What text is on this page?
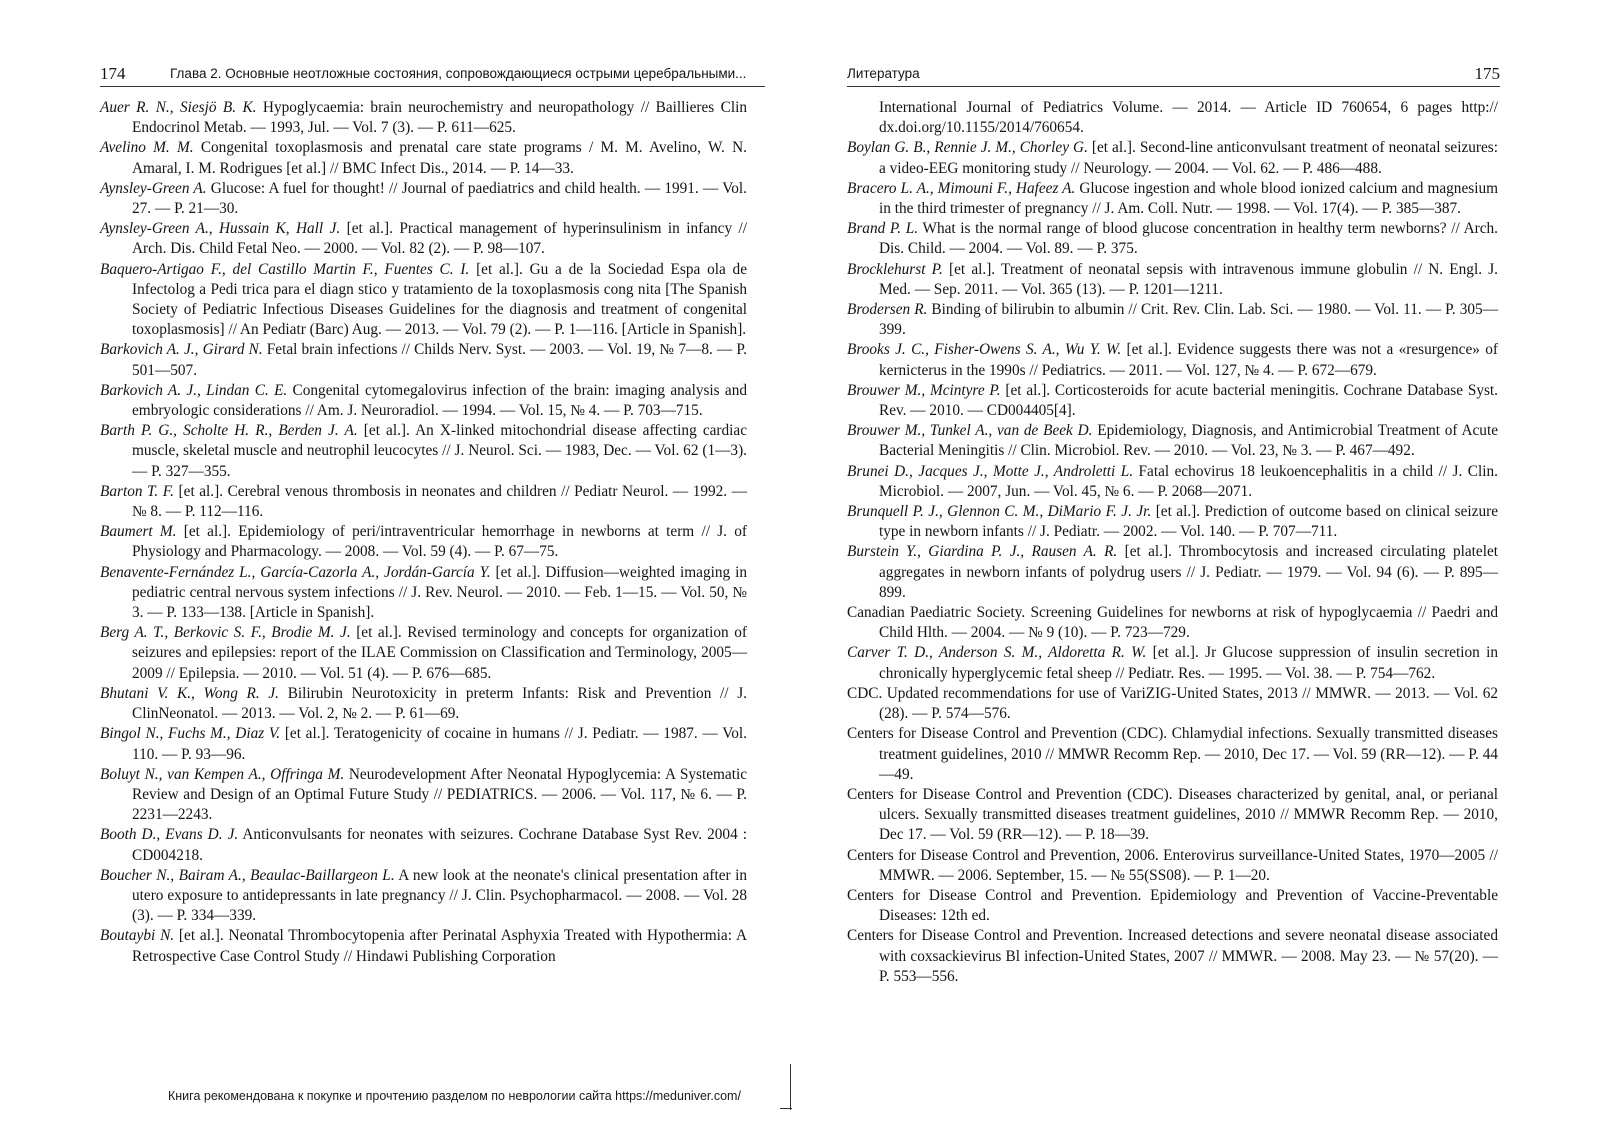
174	Глава 2. Основные неотложные состояния, сопровождающиеся острыми церебральными...

Auer R. N., Siesjö B. K. Hypoglycaemia: brain neurochemistry and neuropathology // Baillieres Clin Endocrinol Metab. — 1993, Jul. — Vol. 7 (3). — P. 611—625.

Avelino M. M. Congenital toxoplasmosis and prenatal care state programs / M. M. Avelino, W. N. Amaral, I. M. Rodrigues [et al.] // BMC Infect Dis., 2014. — P. 14—33.

Aynsley-Green A. Glucose: A fuel for thought! // Journal of paediatrics and child health. — 1991. — Vol. 27. — P. 21—30.

Aynsley-Green A., Hussain K, Hall J. [et al.]. Practical management of hyperinsulinism in infancy // Arch. Dis. Child Fetal Neo. — 2000. — Vol. 82 (2). — P. 98—107.

Baquero-Artigao F., del Castillo Martin F., Fuentes C. I. [et al.]. Gu a de la Sociedad Espa ola de Infectolog a Pedi trica para el diagn stico y tratamiento de la toxoplasmosis cong nita [The Spanish Society of Pediatric Infectious Diseases Guidelines for the diagnosis and treatment of congenital toxoplasmosis] // An Pediatr (Barc) Aug. — 2013. — Vol. 79 (2). — P. 1—116. [Article in Spanish].

Barkovich A. J., Girard N. Fetal brain infections // Childs Nerv. Syst. — 2003. — Vol. 19, № 7—8. — P. 501—507.

Barkovich A. J., Lindan C. E. Congenital cytomegalovirus infection of the brain: imaging analysis and embryologic considerations // Am. J. Neuroradiol. — 1994. — Vol. 15, № 4. — P. 703—715.

Barth P. G., Scholte H. R., Berden J. A. [et al.]. An X-linked mitochondrial disease affecting cardiac muscle, skeletal muscle and neutrophil leucocytes // J. Neurol. Sci. — 1983, Dec. — Vol. 62 (1—3). — P. 327—355.

Barton T. F. [et al.]. Cerebral venous thrombosis in neonates and children // Pediatr Neurol. — 1992. — № 8. — P. 112—116.

Baumert M. [et al.]. Epidemiology of peri/intraventricular hemorrhage in newborns at term // J. of Physiology and Pharmacology. — 2008. — Vol. 59 (4). — P. 67—75.

Benavente-Fernández L., García-Cazorla A., Jordán-García Y. [et al.]. Diffusion—weighted imaging in pediatric central nervous system infections // J. Rev. Neurol. — 2010. — Feb. 1—15. — Vol. 50, № 3. — P. 133—138. [Article in Spanish].

Berg A. T., Berkovic S. F., Brodie M. J. [et al.]. Revised terminology and concepts for organization of seizures and epilepsies: report of the ILAE Commission on Classification and Terminology, 2005—2009 // Epilepsia. — 2010. — Vol. 51 (4). — P. 676—685.

Bhutani V. K., Wong R. J. Bilirubin Neurotoxicity in preterm Infants: Risk and Prevention // J. ClinNeonatol. — 2013. — Vol. 2, № 2. — P. 61—69.

Bingol N., Fuchs M., Diaz V. [et al.]. Teratogenicity of cocaine in humans // J. Pediatr. — 1987. — Vol. 110. — P. 93—96.

Boluyt N., van Kempen A., Offringa M. Neurodevelopment After Neonatal Hypoglycemia: A Systematic Review and Design of an Optimal Future Study // PEDIATRICS. — 2006. — Vol. 117, № 6. — P. 2231—2243.

Booth D., Evans D. J. Anticonvulsants for neonates with seizures. Cochrane Database Syst Rev. 2004 : CD004218.

Boucher N., Bairam A., Beaulac-Baillargeon L. A new look at the neonate's clinical presentation after in utero exposure to antidepressants in late pregnancy // J. Clin. Psychopharmacol. — 2008. — Vol. 28 (3). — P. 334—339.

Boutaybi N. [et al.]. Neonatal Thrombocytopenia after Perinatal Asphyxia Treated with Hypothermia: A Retrospective Case Control Study // Hindawi Publishing Corporation

Литература	175

International Journal of Pediatrics Volume. — 2014. — Article ID 760654, 6 pages http:// dx.doi.org/10.1155/2014/760654.

Boylan G. B., Rennie J. M., Chorley G. [et al.]. Second-line anticonvulsant treatment of neonatal seizures: a video-EEG monitoring study // Neurology. — 2004. — Vol. 62. — P. 486—488.

Bracero L. A., Mimouni F., Hafeez A. Glucose ingestion and whole blood ionized calcium and magnesium in the third trimester of pregnancy // J. Am. Coll. Nutr. — 1998. — Vol. 17(4). — P. 385—387.

Brand P. L. What is the normal range of blood glucose concentration in healthy term newborns? // Arch. Dis. Child. — 2004. — Vol. 89. — P. 375.

Brocklehurst P. [et al.]. Treatment of neonatal sepsis with intravenous immune globulin // N. Engl. J. Med. — Sep. 2011. — Vol. 365 (13). — P. 1201—1211.

Brodersen R. Binding of bilirubin to albumin // Crit. Rev. Clin. Lab. Sci. — 1980. — Vol. 11. — P. 305—399.

Brooks J. C., Fisher-Owens S. A., Wu Y. W. [et al.]. Evidence suggests there was not a «resurgence» of kernicterus in the 1990s // Pediatrics. — 2011. — Vol. 127, № 4. — P. 672—679.

Brouwer M., Mcintyre P. [et al.]. Corticosteroids for acute bacterial meningitis. Cochrane Database Syst. Rev. — 2010. — CD004405[4].

Brouwer M., Tunkel A., van de Beek D. Epidemiology, Diagnosis, and Antimicrobial Treatment of Acute Bacterial Meningitis // Clin. Microbiol. Rev. — 2010. — Vol. 23, № 3. — P. 467—492.

Brunei D., Jacques J., Motte J., Androletti L. Fatal echovirus 18 leukoencephalitis in a child // J. Clin. Microbiol. — 2007, Jun. — Vol. 45, № 6. — P. 2068—2071.

Brunquell P. J., Glennon C. M., DiMario F. J. Jr. [et al.]. Prediction of outcome based on clinical seizure type in newborn infants // J. Pediatr. — 2002. — Vol. 140. — P. 707—711.

Burstein Y., Giardina P. J., Rausen A. R. [et al.]. Thrombocytosis and increased circulating platelet aggregates in newborn infants of polydrug users // J. Pediatr. — 1979. — Vol. 94 (6). — P. 895—899.

Canadian Paediatric Society. Screening Guidelines for newborns at risk of hypoglycaemia // Paedri and Child Hlth. — 2004. — № 9 (10). — P. 723—729.

Carver T. D., Anderson S. M., Aldoretta R. W. [et al.]. Jr Glucose suppression of insulin secretion in chronically hyperglycemic fetal sheep // Pediatr. Res. — 1995. — Vol. 38. — P. 754—762.

CDC. Updated recommendations for use of VariZIG-United States, 2013 // MMWR. — 2013. — Vol. 62 (28). — P. 574—576.

Centers for Disease Control and Prevention (CDC). Chlamydial infections. Sexually transmitted diseases treatment guidelines, 2010 // MMWR Recomm Rep. — 2010, Dec 17. — Vol. 59 (RR—12). — P. 44—49.

Centers for Disease Control and Prevention (CDC). Diseases characterized by genital, anal, or perianal ulcers. Sexually transmitted diseases treatment guidelines, 2010 // MMWR Recomm Rep. — 2010, Dec 17. — Vol. 59 (RR—12). — P. 18—39.

Centers for Disease Control and Prevention, 2006. Enterovirus surveillance-United States, 1970—2005 // MMWR. — 2006. September, 15. — № 55(SS08). — P. 1—20.

Centers for Disease Control and Prevention. Epidemiology and Prevention of Vaccine-Preventable Diseases: 12th ed.

Centers for Disease Control and Prevention. Increased detections and severe neonatal disease associated with coxsackievirus Bl infection-United States, 2007 // MMWR. — 2008. May 23. — № 57(20). — P. 553—556.

Книга рекомендована к покупке и прочтению разделом по неврологии сайта https://meduniver.com/
